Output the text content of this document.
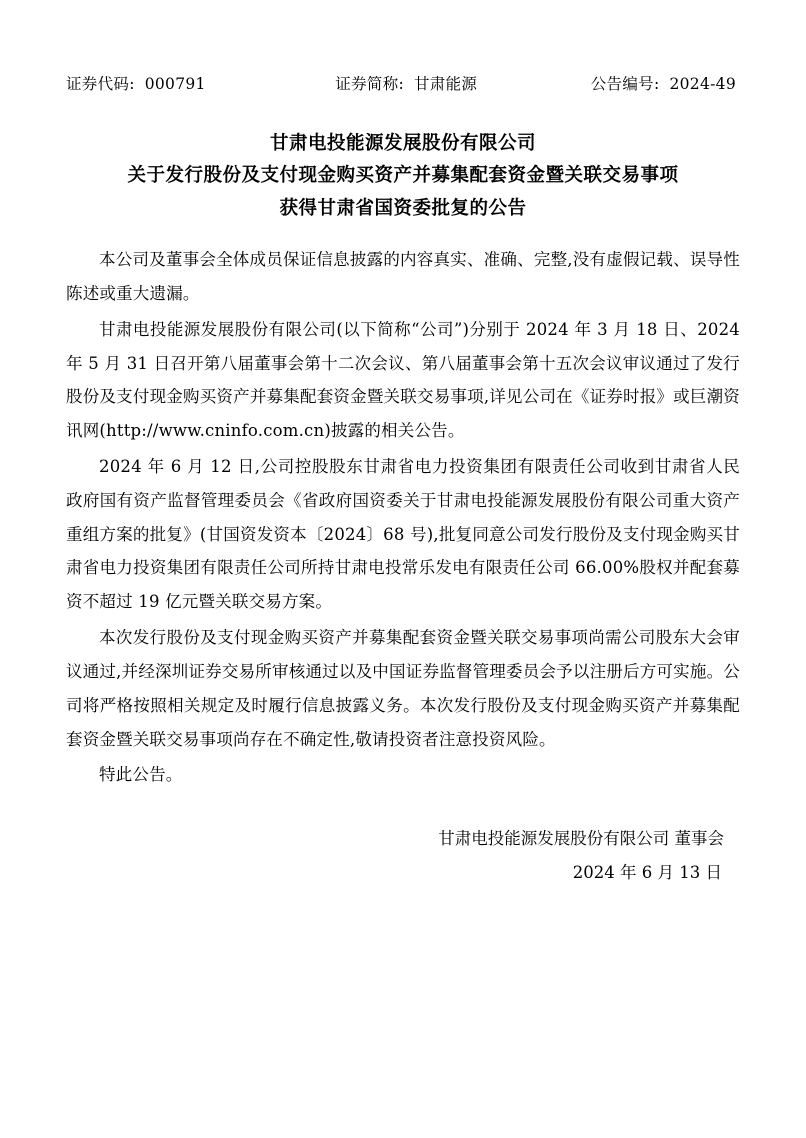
证券代码: 000791	证券简称: 甘肃能源	公告编号: 2024-49
甘肃电投能源发展股份有限公司
关于发行股份及支付现金购买资产并募集配套资金暨关联交易事项
获得甘肃省国资委批复的公告

本公司及董事会全体成员保证信息披露的内容真实、准确、完整,没有虚假记载、误导性陈述或重大遗漏。

甘肃电投能源发展股份有限公司(以下简称“公司”)分别于 2024 年 3 月 18 日、2024 年 5 月 31 日召开第八届董事会第十二次会议、第八届董事会第十五次会议审议通过了发行股份及支付现金购买资产并募集配套资金暨关联交易事项,详见公司在《证券时报》或巨潮资讯网(http://www.cninfo.com.cn)披露的相关公告。

2024 年 6 月 12 日,公司控股股东甘肃省电力投资集团有限责任公司收到甘肃省人民政府国有资产监督管理委员会《省政府国资委关于甘肃电投能源发展股份有限公司重大资产重组方案的批复》(甘国资发资本〔2024〕68 号),批复同意公司发行股份及支付现金购买甘肃省电力投资集团有限责任公司所持甘肃电投常乐发电有限责任公司 66.00%股权并配套募资不超过 19 亿元暨关联交易方案。

本次发行股份及支付现金购买资产并募集配套资金暨关联交易事项尚需公司股东大会审议通过,并经深圳证券交易所审核通过以及中国证券监督管理委员会予以注册后方可实施。公司将严格按照相关规定及时履行信息披露义务。本次发行股份及支付现金购买资产并募集配套资金暨关联交易事项尚存在不确定性,敬请投资者注意投资风险。

特此公告。

甘肃电投能源发展股份有限公司 董事会
2024 年 6 月 13 日
